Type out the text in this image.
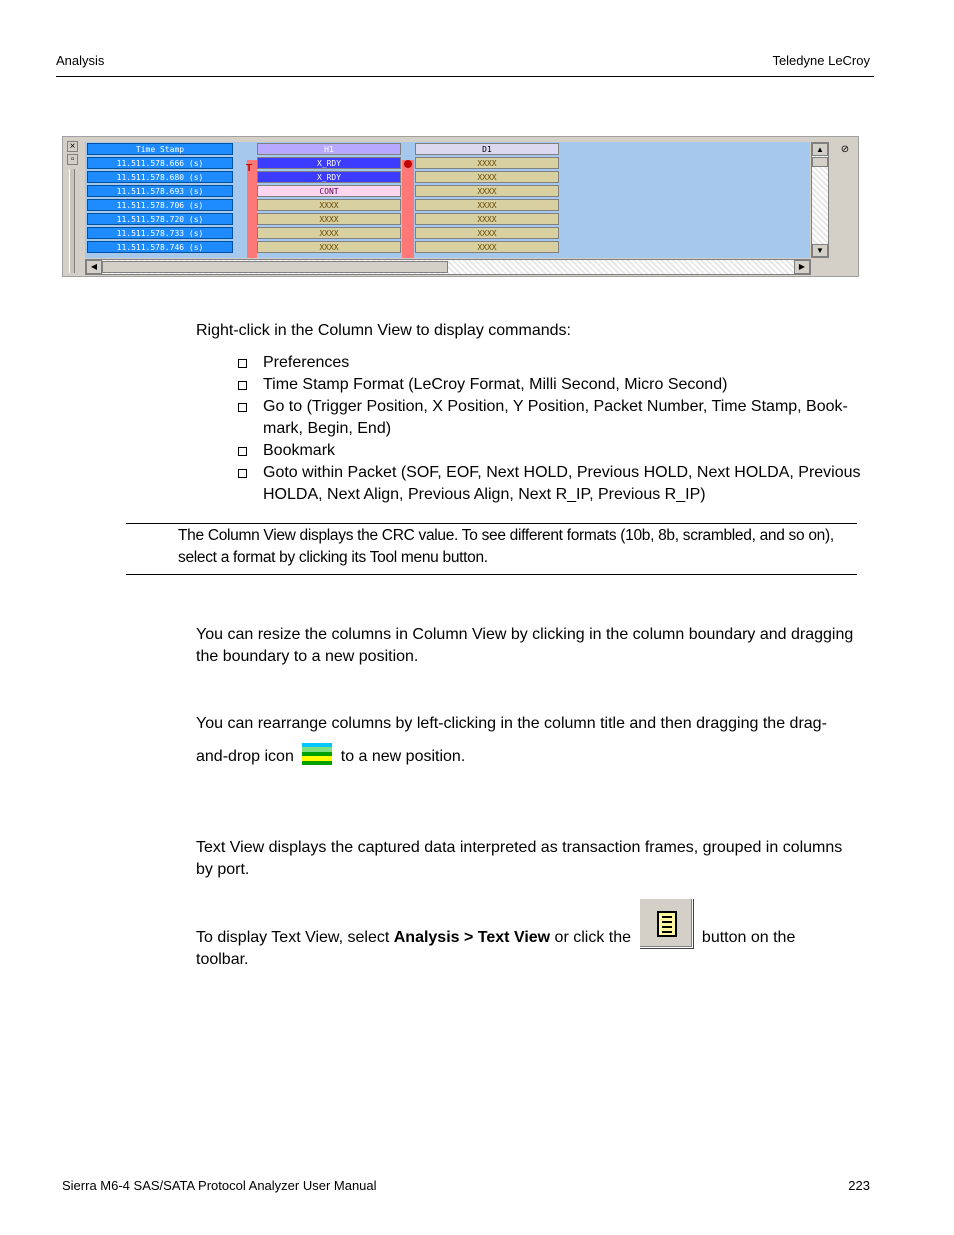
Analysis	Teledyne LeCroy
×
▫
Time Stamp	H1	D1
T
11.511.578.666 (s)	X_RDY	XXXX
11.511.578.680 (s)	X_RDY	XXXX
11.511.578.693 (s)	CONT	XXXX
11.511.578.706 (s)	XXXX	XXXX
11.511.578.720 (s)	XXXX	XXXX
11.511.578.733 (s)	XXXX	XXXX
11.511.578.746 (s)	XXXX	XXXX
▲
▼
◀	▶
⊘
Right-click in the Column View to display commands:
Preferences
Time Stamp Format (LeCroy Format, Milli Second, Micro Second)
Go to (Trigger Position, X Position, Y Position, Packet Number, Time Stamp, Book-mark, Begin, End)
Bookmark
Goto within Packet (SOF, EOF, Next HOLD, Previous HOLD, Next HOLDA, Previous HOLDA, Next Align, Previous Align, Next R_IP, Previous R_IP)
The Column View displays the CRC value. To see different formats (10b, 8b, scrambled, and so on), select a format by clicking its Tool menu button.
You can resize the columns in Column View by clicking in the column boundary and dragging the boundary to a new position.
You can rearrange columns by left-clicking in the column title and then dragging the drag-
and-drop icon	to a new position.
Text View displays the captured data interpreted as transaction frames, grouped in columns by port.
To display Text View, select Analysis > Text View or click the	button on the
toolbar.
Sierra M6-4 SAS/SATA Protocol Analyzer User Manual	223
